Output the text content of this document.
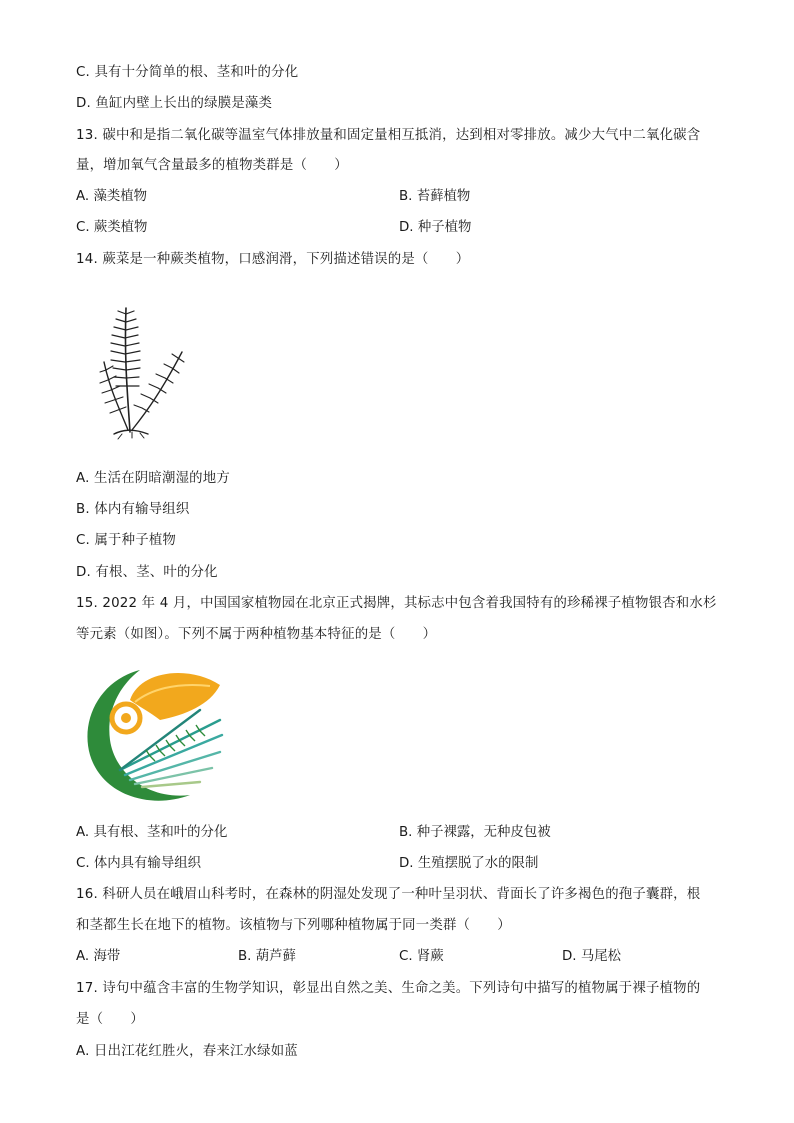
C. 具有十分简单的根、茎和叶的分化
D. 鱼缸内壁上长出的绿膜是藻类
13. 碳中和是指二氧化碳等温室气体排放量和固定量相互抵消，达到相对零排放。减少大气中二氧化碳含
量，增加氧气含量最多的植物类群是（　　）
A. 藻类植物	B. 苔藓植物
C. 蕨类植物	D. 种子植物
14. 蕨菜是一种蕨类植物，口感润滑，下列描述错误的是（　　）
A. 生活在阴暗潮湿的地方
B. 体内有输导组织
C. 属于种子植物
D. 有根、茎、叶的分化
15. 2022 年 4 月，中国国家植物园在北京正式揭牌，其标志中包含着我国特有的珍稀裸子植物银杏和水杉
等元素（如图）。下列不属于两种植物基本特征的是（　　）
A. 具有根、茎和叶的分化	B. 种子裸露，无种皮包被
C. 体内具有输导组织	D. 生殖摆脱了水的限制
16. 科研人员在峨眉山科考时，在森林的阴湿处发现了一种叶呈羽状、背面长了许多褐色的孢子囊群，根
和茎都生长在地下的植物。该植物与下列哪种植物属于同一类群（　　）
A. 海带	B. 葫芦藓	C. 肾蕨	D. 马尾松
17. 诗句中蕴含丰富的生物学知识，彰显出自然之美、生命之美。下列诗句中描写的植物属于裸子植物的
是（　　）
A. 日出江花红胜火，春来江水绿如蓝
